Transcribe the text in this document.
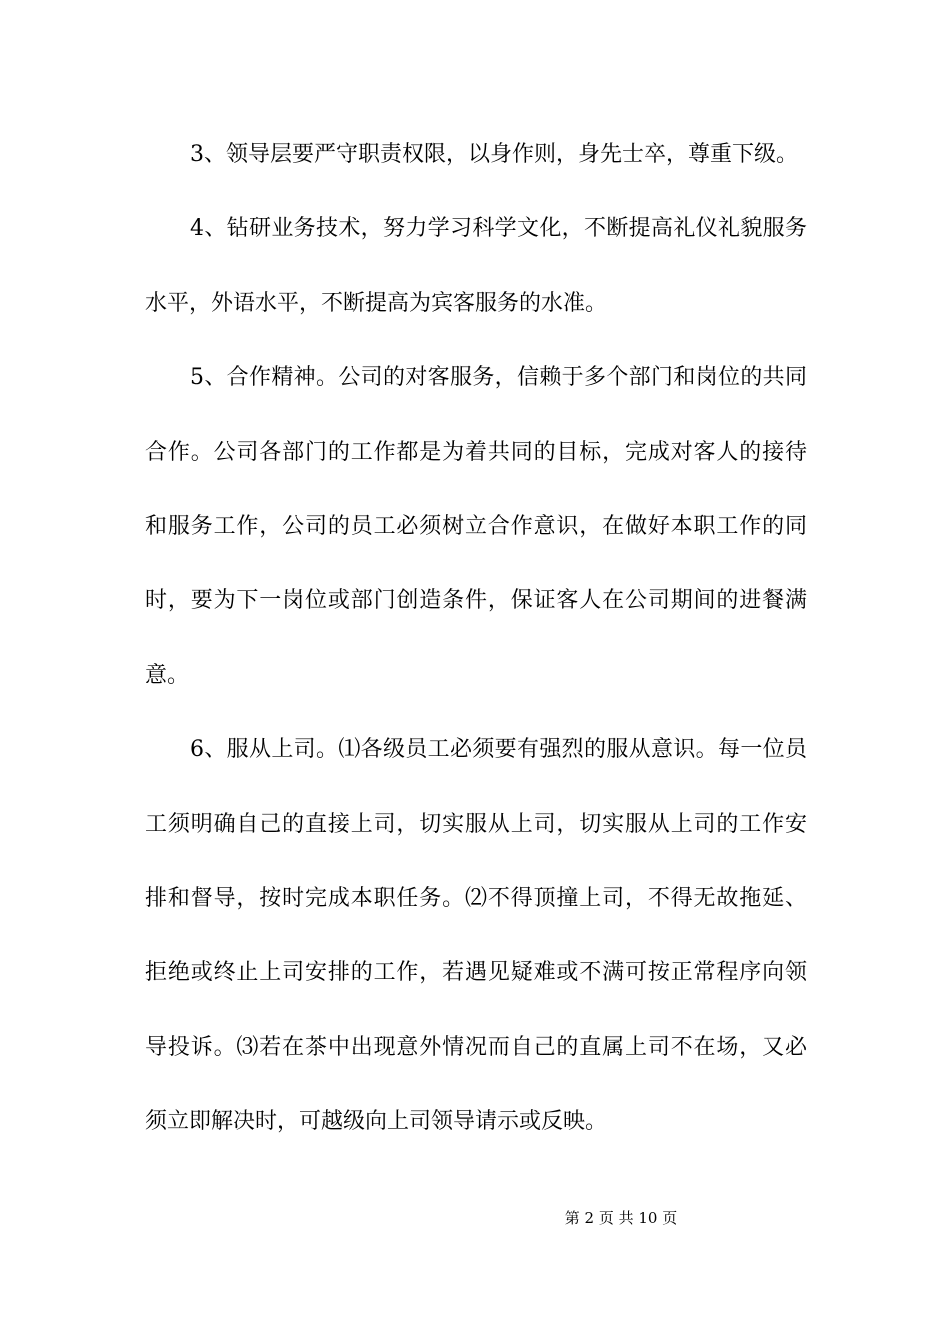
3、领导层要严守职责权限，以身作则，身先士卒，尊重下级。
4、钻研业务技术，努力学习科学文化，不断提高礼仪礼貌服务
水平，外语水平，不断提高为宾客服务的水准。
5、合作精神。公司的对客服务，信赖于多个部门和岗位的共同
合作。公司各部门的工作都是为着共同的目标，完成对客人的接待
和服务工作，公司的员工必须树立合作意识，在做好本职工作的同
时，要为下一岗位或部门创造条件，保证客人在公司期间的进餐满
意。
6、服从上司。⑴各级员工必须要有强烈的服从意识。每一位员
工须明确自己的直接上司，切实服从上司，切实服从上司的工作安
排和督导，按时完成本职任务。⑵不得顶撞上司，不得无故拖延、
拒绝或终止上司安排的工作，若遇见疑难或不满可按正常程序向领
导投诉。⑶若在茶中出现意外情况而自己的直属上司不在场，又必
须立即解决时，可越级向上司领导请示或反映。
第 2 页 共 10 页
